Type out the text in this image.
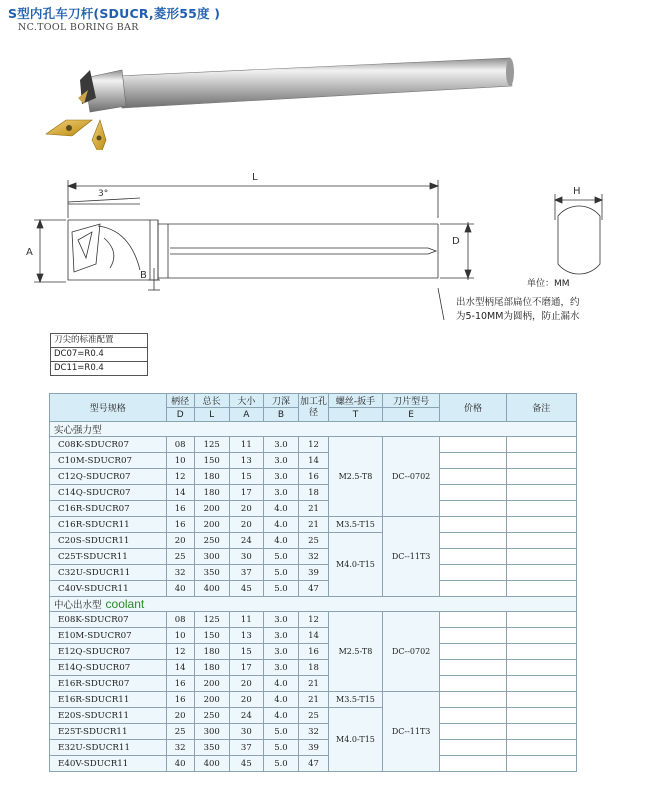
S型内孔车刀杆(SDUCR,菱形55度 )
NC.TOOL BORING BAR
L
3°
A
D
B
H
单位：MM
出水型柄尾部扁位不磨通，约
为5-10MM为圆柄，防止漏水
刀尖的标准配置
DC07=R0.4
DC11=R0.4
型号规格	柄径	总长	大小	刀深	加工孔径	螺丝-扳手	刀片型号	价格	备注
	D	L	A	B		T	E		
实心强力型									
C08K-SDUCR07	08	125	11	3.0	12	M2.5-T8	DC--0702		
C10M-SDUCR07	10	150	13	3.0	14				
C12Q-SDUCR07	12	180	15	3.0	16				
C14Q-SDUCR07	14	180	17	3.0	18				
C16R-SDUCR07	16	200	20	4.0	21				
C16R-SDUCR11	16	200	20	4.0	21	M3.5-T15	DC--11T3		
C20S-SDUCR11	20	250	24	4.0	25	M4.0-T15			
C25T-SDUCR11	25	300	30	5.0	32				
C32U-SDUCR11	32	350	37	5.0	39				
C40V-SDUCR11	40	400	45	5.0	47				
中心出水型 coolant									
E08K-SDUCR07	08	125	11	3.0	12	M2.5-T8	DC--0702		
E10M-SDUCR07	10	150	13	3.0	14				
E12Q-SDUCR07	12	180	15	3.0	16				
E14Q-SDUCR07	14	180	17	3.0	18				
E16R-SDUCR07	16	200	20	4.0	21				
E16R-SDUCR11	16	200	20	4.0	21	M3.5-T15	DC--11T3		
E20S-SDUCR11	20	250	24	4.0	25	M4.0-T15			
E25T-SDUCR11	25	300	30	5.0	32				
E32U-SDUCR11	32	350	37	5.0	39				
E40V-SDUCR11	40	400	45	5.0	47				
